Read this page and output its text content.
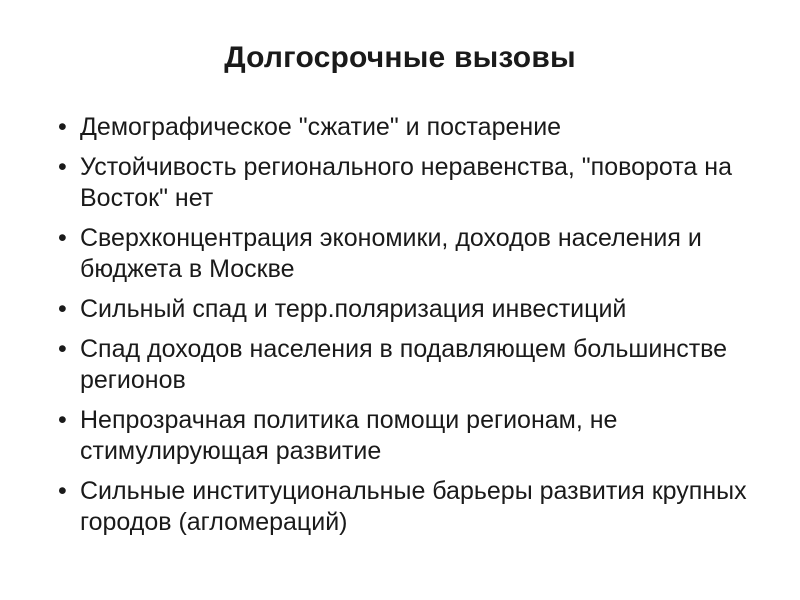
Долгосрочные вызовы
• Демографическое "сжатие" и постарение
• Устойчивость регионального неравенства, "поворота на Восток" нет
• Сверхконцентрация экономики, доходов населения и бюджета в Москве
• Сильный спад и терр.поляризация инвестиций
• Спад доходов населения в подавляющем большинстве регионов
• Непрозрачная политика помощи регионам, не стимулирующая развитие
• Сильные институциональные барьеры развития крупных городов (агломераций)
